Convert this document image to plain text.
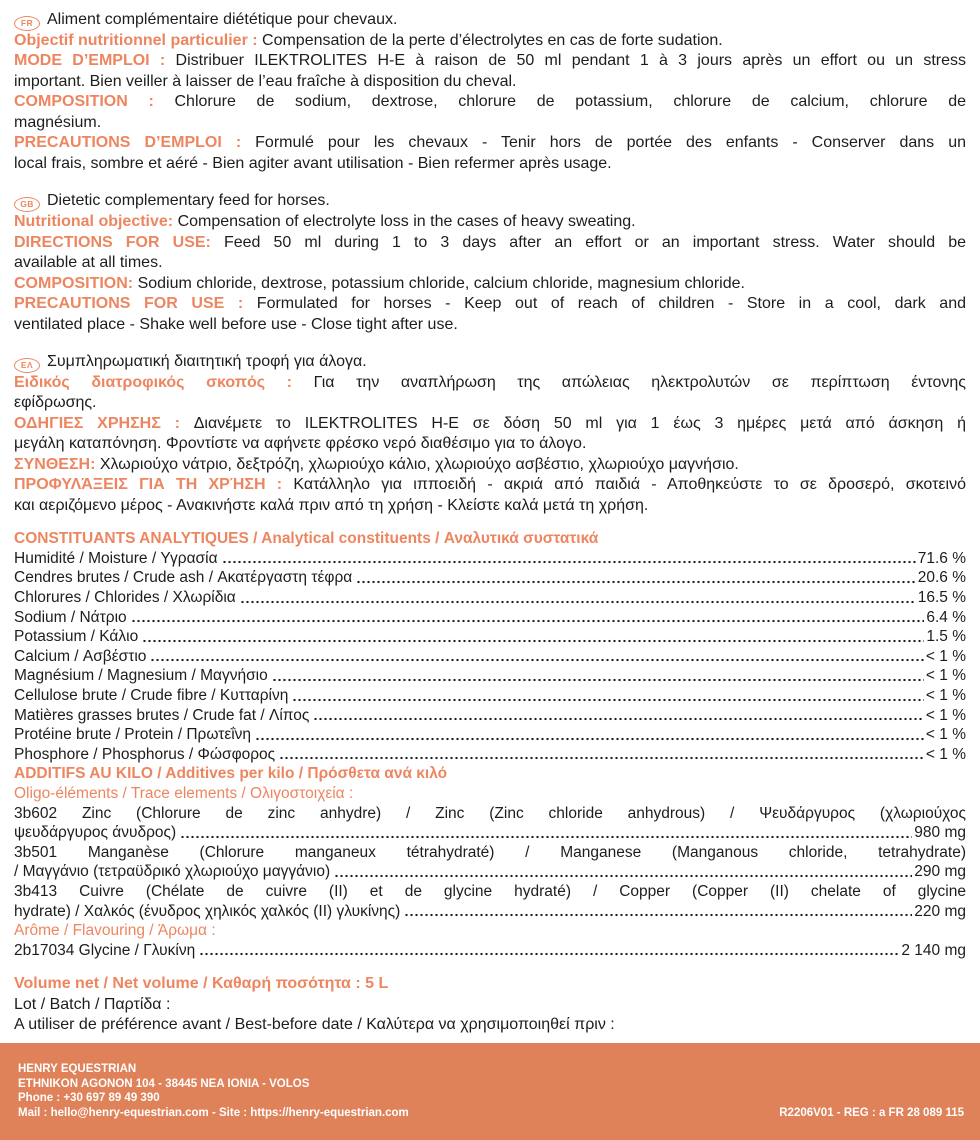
FR Aliment complémentaire diététique pour chevaux.
Objectif nutritionnel particulier : Compensation de la perte d’électrolytes en cas de forte sudation.
MODE D’EMPLOI : Distribuer ILEKTROLITES H-E à raison de 50 ml pendant 1 à 3 jours après un effort ou un stress
important. Bien veiller à laisser de l’eau fraîche à disposition du cheval.
COMPOSITION : Chlorure de sodium, dextrose, chlorure de potassium, chlorure de calcium, chlorure de
magnésium.
PRECAUTIONS D’EMPLOI : Formulé pour les chevaux - Tenir hors de portée des enfants - Conserver dans un
local frais, sombre et aéré - Bien agiter avant utilisation - Bien refermer après usage.
GB Dietetic complementary feed for horses.
Nutritional objective: Compensation of electrolyte loss in the cases of heavy sweating.
DIRECTIONS FOR USE: Feed 50 ml during 1 to 3 days after an effort or an important stress. Water should be
available at all times.
COMPOSITION: Sodium chloride, dextrose, potassium chloride, calcium chloride, magnesium chloride.
PRECAUTIONS FOR USE : Formulated for horses - Keep out of reach of children - Store in a cool, dark and
ventilated place - Shake well before use - Close tight after use.
ΕΛ Συμπληρωματική διαιτητική τροφή για άλογα.
Ειδικός διατροφικός σκοπός : Για την αναπλήρωση της απώλειας ηλεκτρολυτών σε περίπτωση έντονης
εφίδρωσης.
ΟΔΗΓΙΕΣ ΧΡΗΣΗΣ : Διανέμετε το ILEKTROLITES H-E σε δόση 50 ml για 1 έως 3 ημέρες μετά από άσκηση ή
μεγάλη καταπόνηση. Φροντίστε να αφήνετε φρέσκο νερό διαθέσιμο για το άλογο.
ΣΥΝΘΕΣΗ: Χλωριούχο νάτριο, δεξτρόζη, χλωριούχο κάλιο, χλωριούχο ασβέστιο, χλωριούχο μαγνήσιο.
ΠΡΟΦΥΛΆΞΕΙΣ ΓΙΑ ΤΗ ΧΡΉΣΗ : Κατάλληλο για ιπποειδή - ακριά από παιδιά - Αποθηκεύστε το σε δροσερό, σκοτεινό
και αεριζόμενο μέρος - Ανακινήστε καλά πριν από τη χρήση - Κλείστε καλά μετά τη χρήση.
CONSTITUANTS ANALYTIQUES / Analytical constituents / Αναλυτικά συστατικά
Humidité / Moisture / Υγρασία	71.6 %
Cendres brutes / Crude ash / Ακατέργαστη τέφρα	20.6 %
Chlorures / Chlorides / Χλωρίδια	16.5 %
Sodium / Νάτριο	6.4 %
Potassium / Κάλιο	1.5 %
Calcium / Ασβέστιο	< 1 %
Magnésium / Magnesium / Μαγνήσιο	< 1 %
Cellulose brute / Crude fibre / Κυτταρίνη	< 1 %
Matières grasses brutes / Crude fat / Λίπος	< 1 %
Protéine brute / Protein / Πρωτεΐνη	< 1 %
Phosphore / Phosphorus / Φώσφορος	< 1 %
ADDITIFS AU KILO / Additives per kilo / Πρόσθετα ανά κιλό
Oligo-éléments / Trace elements / Ολιγοστοιχεία :
3b602 Zinc (Chlorure de zinc anhydre) / Zinc (Zinc chloride anhydrous) / Ψευδάργυρος (χλωριούχος
ψευδάργυρος άνυδρος)	980 mg
3b501 Manganèse (Chlorure manganeux tétrahydraté) / Manganese (Manganous chloride, tetrahydrate)
/ Μαγγάνιο (τετραϋδρικό χλωριούχο μαγγάνιο)	290 mg
3b413 Cuivre (Chélate de cuivre (II) et de glycine hydraté) / Copper (Copper (II) chelate of glycine
hydrate) / Χαλκός (ένυδρος χηλικός χαλκός (II) γλυκίνης)	220 mg
Arôme / Flavouring / Άρωμα :
2b17034 Glycine / Γλυκίνη	2 140 mg
Volume net / Net volume / Καθαρή ποσότητα : 5 L
Lot / Batch / Παρτίδα :
A utiliser de préférence avant / Best-before date / Καλύτερα να χρησιμοποιηθεί πριν :
HENRY EQUESTRIAN
ETHNIKON AGONON 104 - 38445 NEA IONIA - VOLOS
Phone : +30 697 89 49 390
Mail : hello@henry-equestrian.com - Site : https://henry-equestrian.com	R2206V01 - REG : a FR 28 089 115
